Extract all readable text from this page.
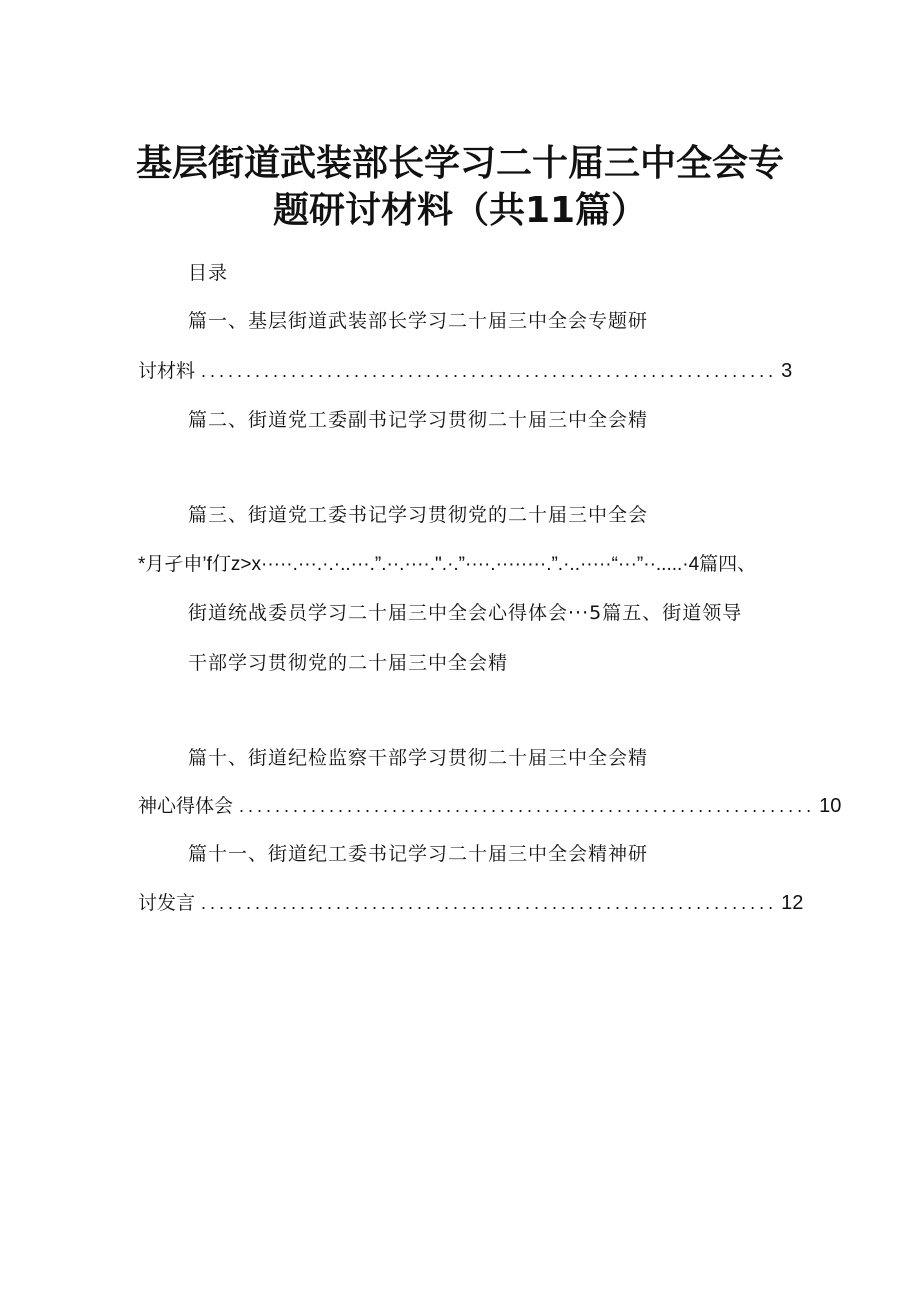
基层街道武装部长学习二十届三中全会专
题研讨材料（共11篇）
目录
篇一、基层街道武装部长学习二十届三中全会专题研
讨材料 ................................................................ 3
篇二、街道党工委副书记学习贯彻二十届三中全会精
篇三、街道党工委书记学习贯彻党的二十届三中全会
*月孑申’f仃z>x·····.···.·.·..···.”.··.····.".·.”····.········.”.·..·····“···”··.....·4篇四、
街道统战委员学习二十届三中全会心得体会···5篇五、街道领导
干部学习贯彻党的二十届三中全会精
篇十、街道纪检监察干部学习贯彻二十届三中全会精
神心得体会 ................................................................ 10
篇十一、街道纪工委书记学习二十届三中全会精神研
讨发言 ................................................................ 12
